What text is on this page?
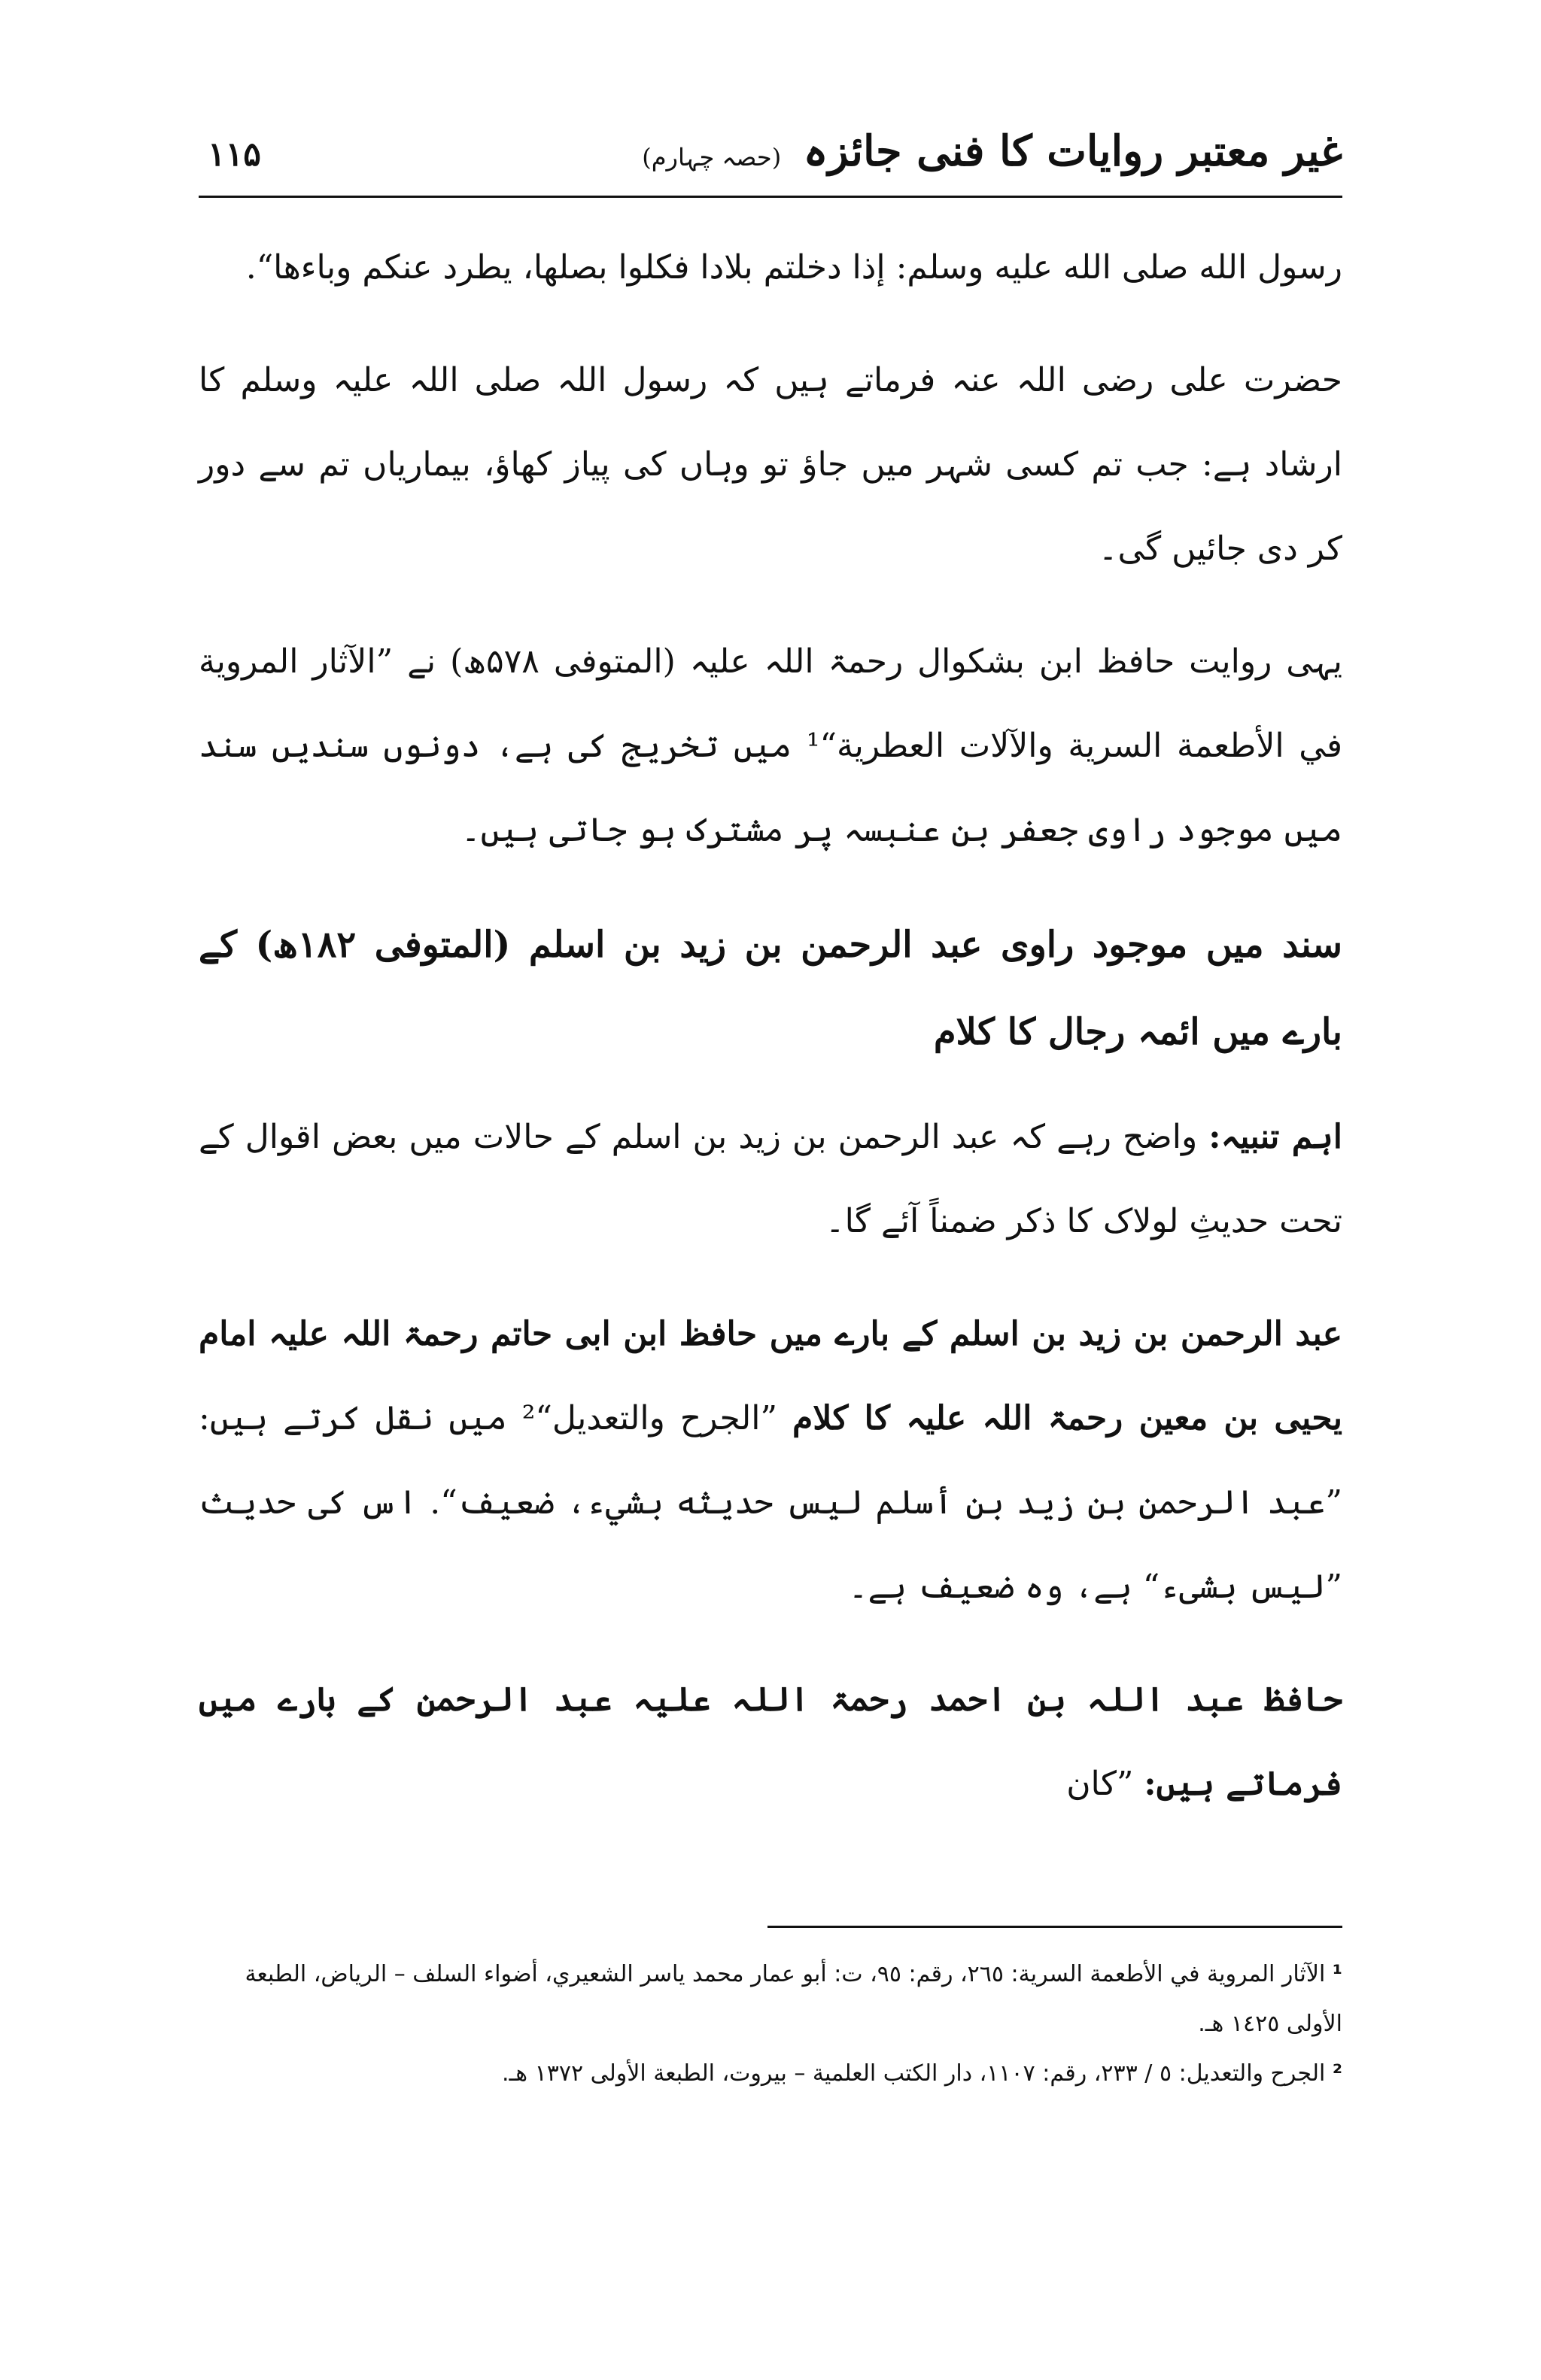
۱۱۵	غیر معتبر روایات کا فنی جائزہ (حصہ چہارم)

رسول الله صلى الله عليه وسلم: إذا دخلتم بلادا فكلوا بصلها، يطرد عنكم وباءها“.

حضرت علی رضی اللہ عنہ فرماتے ہیں کہ رسول اللہ صلی اللہ علیہ وسلم کا ارشاد ہے: جب تم کسی شہر میں جاؤ تو وہاں کی پیاز کھاؤ، بیماریاں تم سے دور کر دی جائیں گی۔

یہی روایت حافظ ابن بشکوال رحمۃ اللہ علیہ (المتوفی ۵۷۸ھ) نے ”الآثار المروية في الأطعمة السرية والآلات العطرية“¹ میں تخریج کی ہے، دونوں سندیں سند میں موجود راوی جعفر بن عنبسہ پر مشترک ہو جاتی ہیں۔

سند میں موجود راوی عبد الرحمن بن زید بن اسلم (المتوفی ۱۸۲ھ) کے بارے میں ائمہ رجال کا کلام

اہم تنبیہ: واضح رہے کہ عبد الرحمن بن زید بن اسلم کے حالات میں بعض اقوال کے تحت حدیثِ لولاک کا ذکر ضمناً آئے گا۔

عبد الرحمن بن زید بن اسلم کے بارے میں حافظ ابن ابی حاتم رحمۃ اللہ علیہ امام یحیی بن معین رحمۃ اللہ علیہ کا کلام ”الجرح والتعديل“² میں نقل کرتے ہیں: ”عبد الرحمن بن زيد بن أسلم ليس حديثه بشيء، ضعيف“. اس کی حدیث ”لیس بشیء“ ہے، وہ ضعیف ہے۔

حافظ عبد اللہ بن احمد رحمۃ اللہ علیہ عبد الرحمن کے بارے میں فرماتے ہیں: ”كان

¹ الآثار المروية في الأطعمة السرية: ٢٦٥، رقم: ٩٥، ت: أبو عمار محمد ياسر الشعيري، أضواء السلف – الرياض، الطبعة الأولى ١٤٢٥ هـ.

² الجرح والتعديل: ٥ / ٢٣٣، رقم: ١١٠٧، دار الكتب العلمية – بيروت، الطبعة الأولى ١٣٧٢ هـ.
